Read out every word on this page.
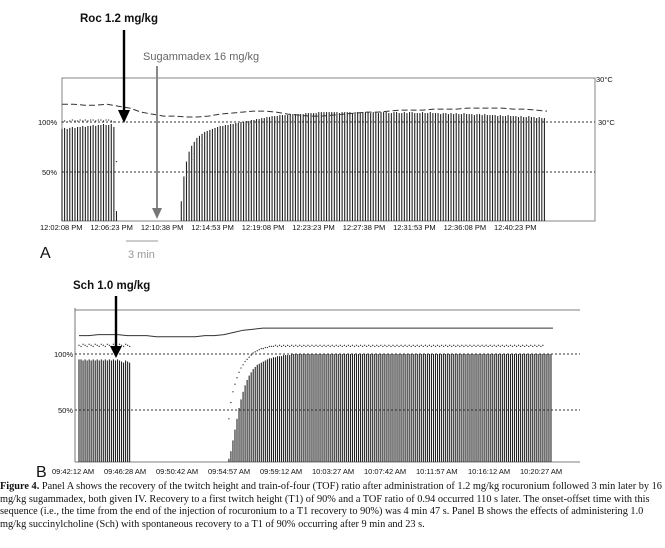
100%
50%
30°C
30°C
12:02:08 PM 12:06:23 PM 12:10:38 PM 12:14:53 PM 12:19:08 PM 12:23:23 PM 12:27:38 PM 12:31:53 PM 12:36:08 PM 12:40:23 PM
Roc 1.2 mg/kg
Sugammadex 16 mg/kg
3 min
A
100%
50%
09:42:12 AM 09:46:28 AM 09:50:42 AM 09:54:57 AM 09:59:12 AM 10:03:27 AM 10:07:42 AM 10:11:57 AM 10:16:12 AM 10:20:27 AM
Sch 1.0 mg/kg
B
Figure 4. Panel A shows the recovery of the twitch height and train-of-four (TOF) ratio after administration of 1.2 mg/kg rocuronium followed 3 min later by 16 mg/kg sugammadex, both given IV. Recovery to a first twitch height (T1) of 90% and a TOF ratio of 0.94 occurred 110 s later. The onset-offset time with this sequence (i.e., the time from the end of the injection of rocuronium to a T1 recovery to 90%) was 4 min 47 s. Panel B shows the effects of administering 1.0 mg/kg succinylcholine (Sch) with spontaneous recovery to a T1 of 90% occurring after 9 min and 23 s.
